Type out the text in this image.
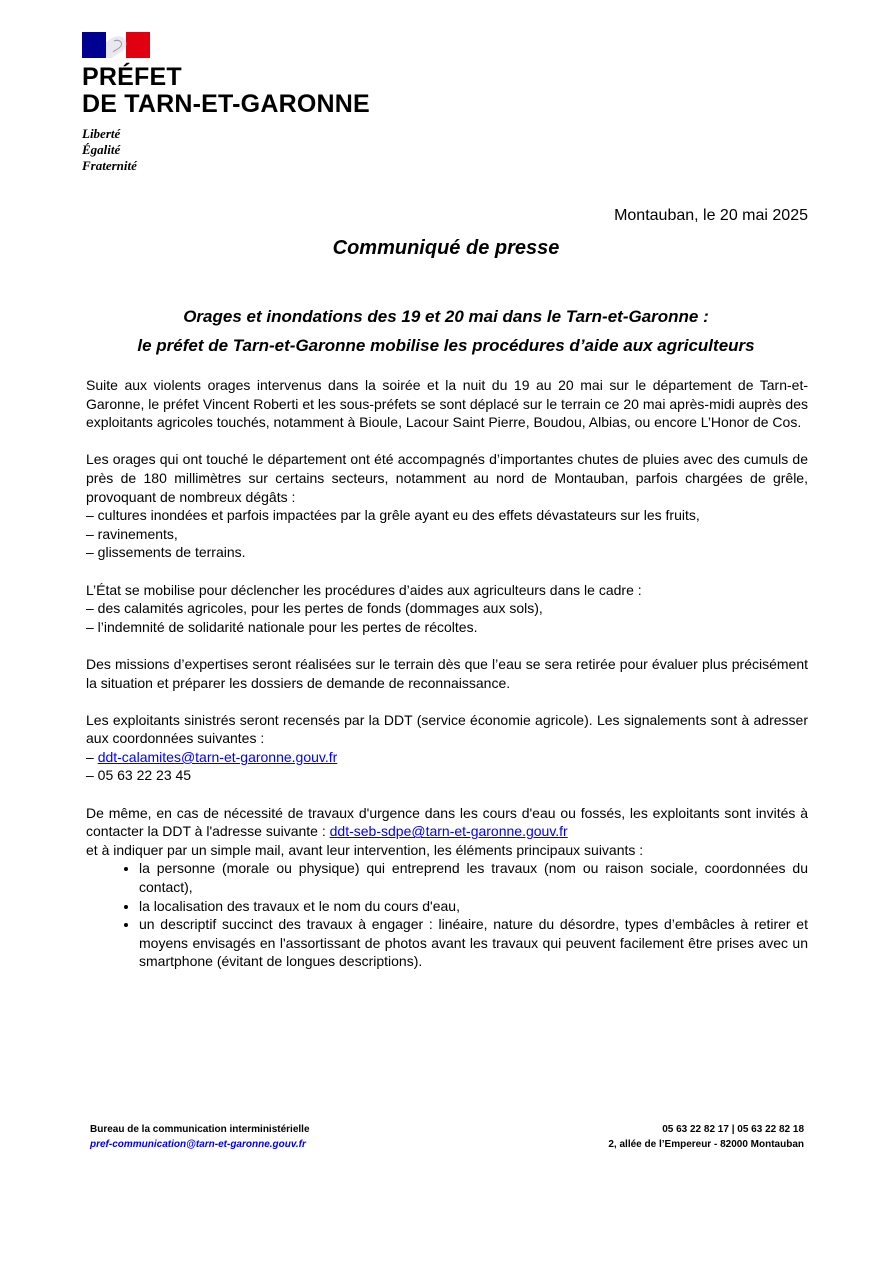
PRÉFET
DE TARN-ET-GARONNE
Liberté
Égalité
Fraternité
Montauban, le 20 mai 2025
Communiqué de presse
Orages et inondations des 19 et 20 mai dans le Tarn-et-Garonne :
le préfet de Tarn-et-Garonne mobilise les procédures d’aide aux agriculteurs

Suite aux violents orages intervenus dans la soirée et la nuit du 19 au 20 mai sur le département de Tarn-et-Garonne, le préfet Vincent Roberti et les sous-préfets se sont déplacé sur le terrain ce 20 mai après-midi auprès des exploitants agricoles touchés, notamment à Bioule, Lacour Saint Pierre, Boudou, Albias, ou encore L’Honor de Cos.

Les orages qui ont touché le département ont été accompagnés d’importantes chutes de pluies avec des cumuls de près de 180 millimètres sur certains secteurs, notamment au nord de Montauban, parfois chargées de grêle, provoquant de nombreux dégâts :
– cultures inondées et parfois impactées par la grêle ayant eu des effets dévastateurs sur les fruits,
– ravinements,
– glissements de terrains.

L’État se mobilise pour déclencher les procédures d’aides aux agriculteurs dans le cadre :
– des calamités agricoles, pour les pertes de fonds (dommages aux sols),
– l’indemnité de solidarité nationale pour les pertes de récoltes.

Des missions d’expertises seront réalisées sur le terrain dès que l’eau se sera retirée pour évaluer plus précisément la situation et préparer les dossiers de demande de reconnaissance.

Les exploitants sinistrés seront recensés par la DDT (service économie agricole). Les signalements sont à adresser aux coordonnées suivantes :
– ddt-calamites@tarn-et-garonne.gouv.fr
– 05 63 22 23 45

De même, en cas de nécessité de travaux d'urgence dans les cours d'eau ou fossés, les exploitants sont invités à contacter la DDT à l'adresse suivante : ddt-seb-sdpe@tarn-et-garonne.gouv.fr
et à indiquer par un simple mail, avant leur intervention, les éléments principaux suivants :
• la personne (morale ou physique) qui entreprend les travaux (nom ou raison sociale, coordonnées du contact),
• la localisation des travaux et le nom du cours d'eau,
• un descriptif succinct des travaux à engager : linéaire, nature du désordre, types d’embâcles à retirer et moyens envisagés en l'assortissant de photos avant les travaux qui peuvent facilement être prises avec un smartphone (évitant de longues descriptions).
Bureau de la communication interministérielle
pref-communication@tarn-et-garonne.gouv.fr
05 63 22 82 17 | 05 63 22 82 18
2, allée de l’Empereur - 82000 Montauban
